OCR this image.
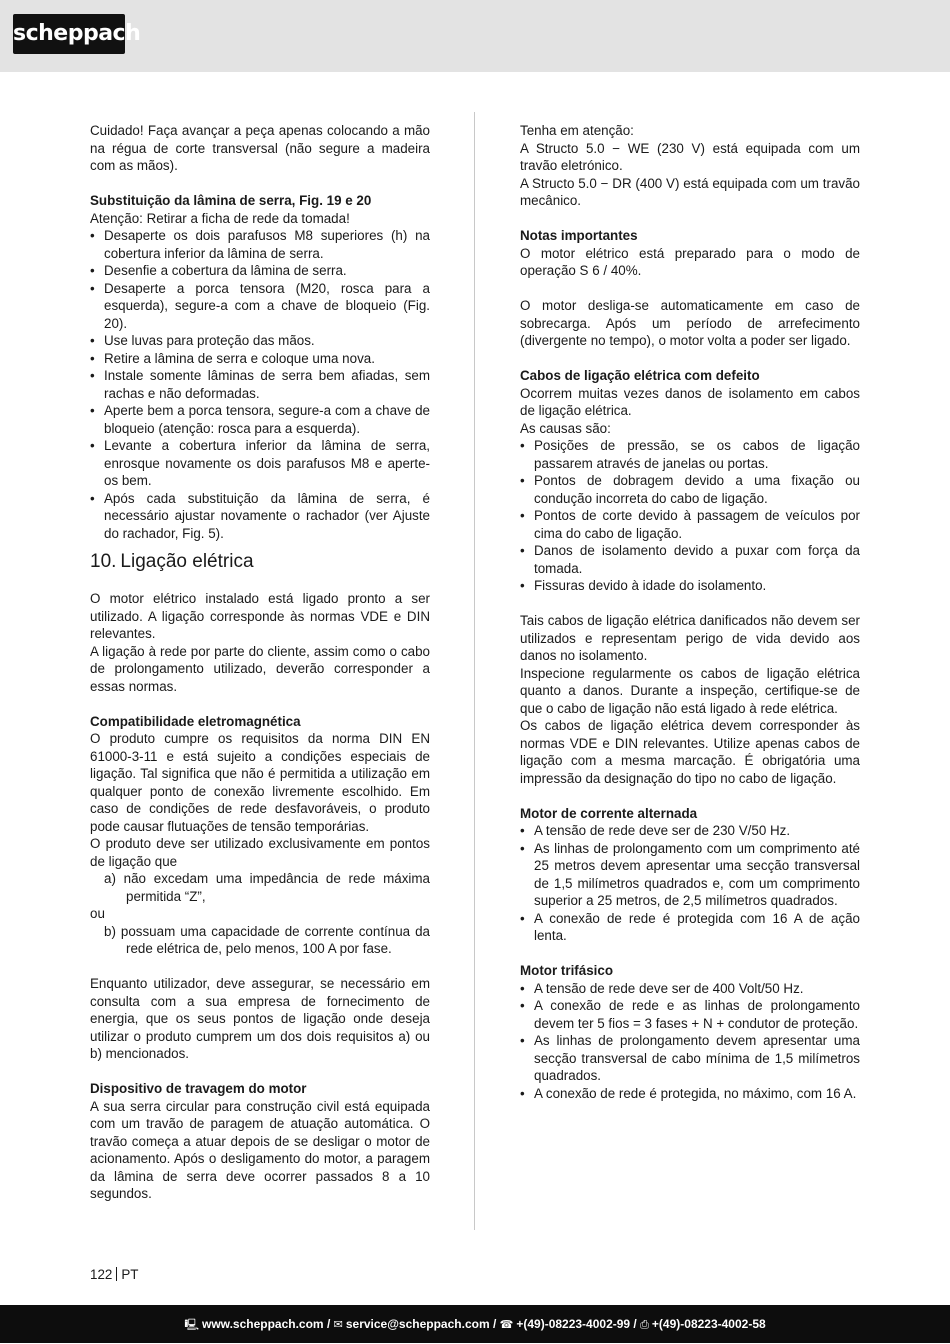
scheppach

Cuidado! Faça avançar a peça apenas colocando a mão na régua de corte transversal (não segure a madeira com as mãos).

Substituição da lâmina de serra, Fig. 19 e 20

Atenção: Retirar a ficha de rede da tomada!

• Desaperte os dois parafusos M8 superiores (h) na cobertura inferior da lâmina de serra.
• Desenfie a cobertura da lâmina de serra.
• Desaperte a porca tensora (M20, rosca para a esquerda), segure-a com a chave de bloqueio (Fig. 20).
• Use luvas para proteção das mãos.
• Retire a lâmina de serra e coloque uma nova.
• Instale somente lâminas de serra bem afiadas, sem rachas e não deformadas.
• Aperte bem a porca tensora, segure-a com a chave de bloqueio (atenção: rosca para a esquerda).
• Levante a cobertura inferior da lâmina de serra, enrosque novamente os dois parafusos M8 e aperte-os bem.
• Após cada substituição da lâmina de serra, é necessário ajustar novamente o rachador (ver Ajuste do rachador, Fig. 5).
10. Ligação elétrica

O motor elétrico instalado está ligado pronto a ser utilizado. A ligação corresponde às normas VDE e DIN relevantes.

A ligação à rede por parte do cliente, assim como o cabo de prolongamento utilizado, deverão corresponder a essas normas.

Compatibilidade eletromagnética

O produto cumpre os requisitos da norma DIN EN 61000-3-11 e está sujeito a condições especiais de ligação. Tal significa que não é permitida a utilização em qualquer ponto de conexão livremente escolhido. Em caso de condições de rede desfavoráveis, o produto pode causar flutuações de tensão temporárias.

O produto deve ser utilizado exclusivamente em pontos de ligação que

a) não excedam uma impedância de rede máxima permitida “Z”,

ou

b) possuam uma capacidade de corrente contínua da rede elétrica de, pelo menos, 100 A por fase.

Enquanto utilizador, deve assegurar, se necessário em consulta com a sua empresa de fornecimento de energia, que os seus pontos de ligação onde deseja utilizar o produto cumprem um dos dois requisitos a) ou b) mencionados.

Dispositivo de travagem do motor

A sua serra circular para construção civil está equipada com um travão de paragem de atuação automática. O travão começa a atuar depois de se desligar o motor de acionamento. Após o desligamento do motor, a paragem da lâmina de serra deve ocorrer passados 8 a 10 segundos.

Tenha em atenção:

A Structo 5.0 − WE (230 V) está equipada com um travão eletrónico.

A Structo 5.0 − DR (400 V) está equipada com um travão mecânico.

Notas importantes

O motor elétrico está preparado para o modo de operação S 6 / 40%.

O motor desliga-se automaticamente em caso de sobrecarga. Após um período de arrefecimento (divergente no tempo), o motor volta a poder ser ligado.

Cabos de ligação elétrica com defeito

Ocorrem muitas vezes danos de isolamento em cabos de ligação elétrica.

As causas são:

• Posições de pressão, se os cabos de ligação passarem através de janelas ou portas.
• Pontos de dobragem devido a uma fixação ou condução incorreta do cabo de ligação.
• Pontos de corte devido à passagem de veículos por cima do cabo de ligação.
• Danos de isolamento devido a puxar com força da tomada.
• Fissuras devido à idade do isolamento.

Tais cabos de ligação elétrica danificados não devem ser utilizados e representam perigo de vida devido aos danos no isolamento.

Inspecione regularmente os cabos de ligação elétrica quanto a danos. Durante a inspeção, certifique-se de que o cabo de ligação não está ligado à rede elétrica.

Os cabos de ligação elétrica devem corresponder às normas VDE e DIN relevantes. Utilize apenas cabos de ligação com a mesma marcação. É obrigatória uma impressão da designação do tipo no cabo de ligação.

Motor de corrente alternada
• A tensão de rede deve ser de 230 V/50 Hz.
• As linhas de prolongamento com um comprimento até 25 metros devem apresentar uma secção transversal de 1,5 milímetros quadrados e, com um comprimento superior a 25 metros, de 2,5 milímetros quadrados.
• A conexão de rede é protegida com 16 A de ação lenta.
Motor trifásico
• A tensão de rede deve ser de 400 Volt/50 Hz.
• A conexão de rede e as linhas de prolongamento devem ter 5 fios = 3 fases + N + condutor de proteção.
• As linhas de prolongamento devem apresentar uma secção transversal de cabo mínima de 1,5 milímetros quadrados.
• A conexão de rede é protegida, no máximo, com 16 A.
122 PT
🖳 www.scheppach.com / ✉ service@scheppach.com / ☎ +(49)-08223-4002-99 / ⎙ +(49)-08223-4002-58
